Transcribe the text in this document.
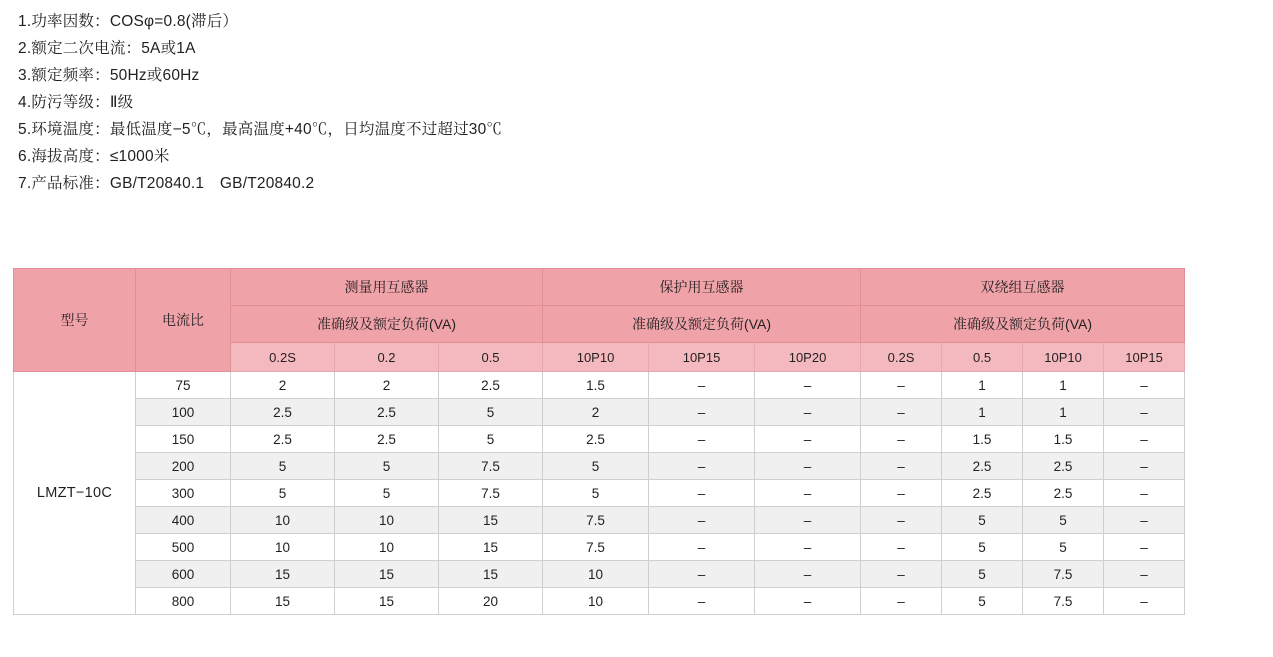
1.功率因数：COSφ=0.8(滞后）
2.额定二次电流：5A或1A
3.额定频率：50Hz或60Hz
4.防污等级：Ⅱ级
5.环境温度：最低温度−5℃，最高温度+40℃，日均温度不过超过30℃
6.海拔高度：≤1000米
7.产品标准：GB/T20840.1　GB/T20840.2
型号	电流比	测量用互感器			保护用互感器			双绕组互感器			
		准确级及额定负荷(VA)			准确级及额定负荷(VA)			准确级及额定负荷(VA)			
		0.2S	0.2	0.5	10P10	10P15	10P20	0.2S	0.5	10P10	10P15
LMZT−10C	75	2	2	2.5	1.5	–	–	–	1	1	–
	100	2.5	2.5	5	2	–	–	–	1	1	–
	150	2.5	2.5	5	2.5	–	–	–	1.5	1.5	–
	200	5	5	7.5	5	–	–	–	2.5	2.5	–
	300	5	5	7.5	5	–	–	–	2.5	2.5	–
	400	10	10	15	7.5	–	–	–	5	5	–
	500	10	10	15	7.5	–	–	–	5	5	–
	600	15	15	15	10	–	–	–	5	7.5	–
	800	15	15	20	10	–	–	–	5	7.5	–
